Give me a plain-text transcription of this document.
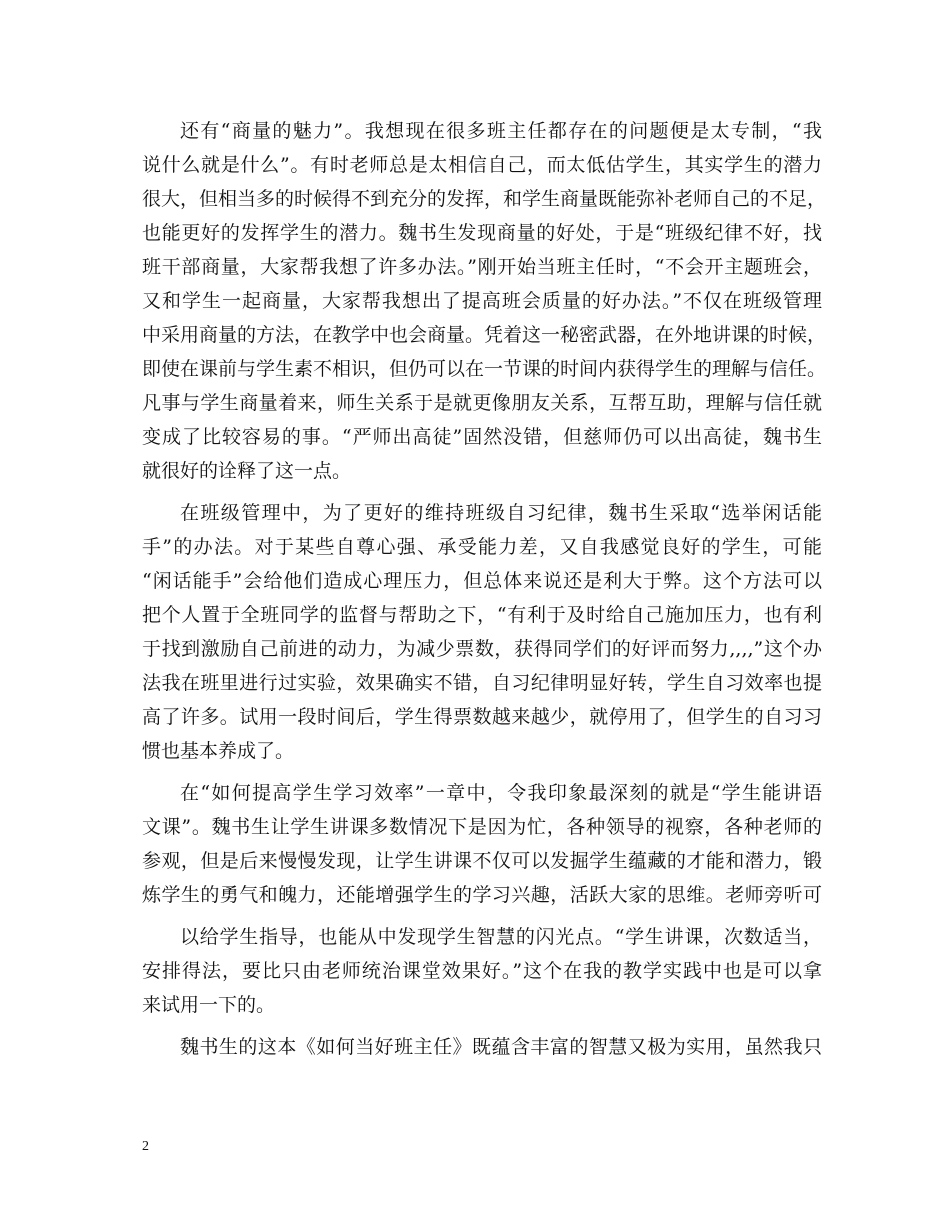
还有“商量的魅力”。我想现在很多班主任都存在的问题便是太专制，“我
说什么就是什么”。有时老师总是太相信自己，而太低估学生，其实学生的潜力
很大，但相当多的时候得不到充分的发挥，和学生商量既能弥补老师自己的不足，
也能更好的发挥学生的潜力。魏书生发现商量的好处，于是“班级纪律不好，找
班干部商量，大家帮我想了许多办法。”刚开始当班主任时，“不会开主题班会，
又和学生一起商量，大家帮我想出了提高班会质量的好办法。”不仅在班级管理
中采用商量的方法，在教学中也会商量。凭着这一秘密武器，在外地讲课的时候，
即使在课前与学生素不相识，但仍可以在一节课的时间内获得学生的理解与信任。
凡事与学生商量着来，师生关系于是就更像朋友关系，互帮互助，理解与信任就
变成了比较容易的事。“严师出高徒”固然没错，但慈师仍可以出高徒，魏书生
就很好的诠释了这一点。
在班级管理中，为了更好的维持班级自习纪律，魏书生采取“选举闲话能
手”的办法。对于某些自尊心强、承受能力差，又自我感觉良好的学生，可能
“闲话能手”会给他们造成心理压力，但总体来说还是利大于弊。这个方法可以
把个人置于全班同学的监督与帮助之下，“有利于及时给自己施加压力，也有利
于找到激励自己前进的动力，为减少票数，获得同学们的好评而努力,,,,”这个办
法我在班里进行过实验，效果确实不错，自习纪律明显好转，学生自习效率也提
高了许多。试用一段时间后，学生得票数越来越少，就停用了，但学生的自习习
惯也基本养成了。
在“如何提高学生学习效率”一章中，令我印象最深刻的就是“学生能讲语
文课”。魏书生让学生讲课多数情况下是因为忙，各种领导的视察，各种老师的
参观，但是后来慢慢发现，让学生讲课不仅可以发掘学生蕴藏的才能和潜力，锻
炼学生的勇气和魄力，还能增强学生的学习兴趣，活跃大家的思维。老师旁听可
以给学生指导，也能从中发现学生智慧的闪光点。“学生讲课，次数适当，
安排得法，要比只由老师统治课堂效果好。”这个在我的教学实践中也是可以拿
来试用一下的。
魏书生的这本《如何当好班主任》既蕴含丰富的智慧又极为实用，虽然我只
2
